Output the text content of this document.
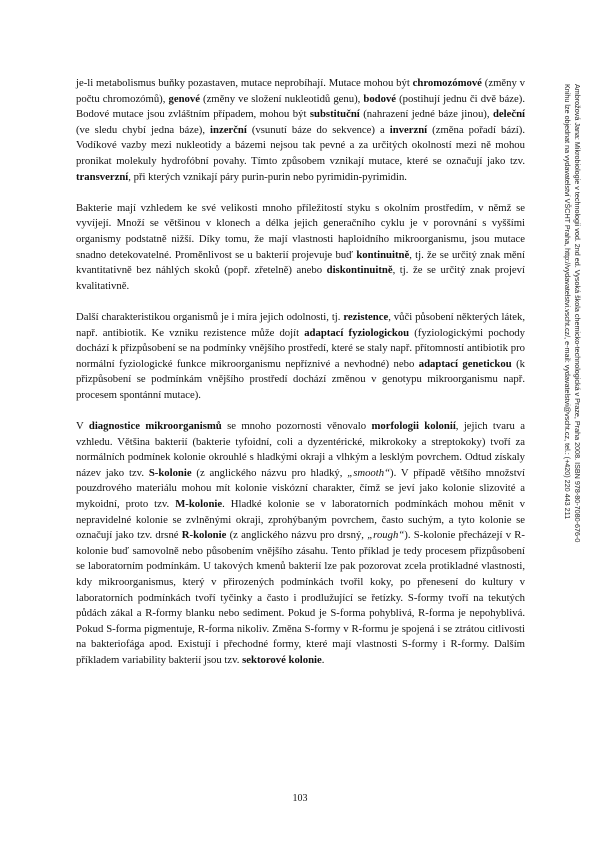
je-li metabolismus buňky pozastaven, mutace neprobíhají. Mutace mohou být chromozómové (změny v počtu chromozómů), genové (změny ve složení nukleotidů genu), bodové (postihují jednu či dvě báze). Bodové mutace jsou zvláštním případem, mohou být substituční (nahrazení jedné báze jinou), deleční (ve sledu chybí jedna báze), inzerční (vsunutí báze do sekvence) a inverzní (změna pořadí bází). Vodíkové vazby mezi nukleotidy a bázemi nejsou tak pevné a za určitých okolností mezi ně mohou pronikat molekuly hydrofóbní povahy. Tímto způsobem vznikají mutace, které se označují jako tzv. transverzní, při kterých vznikají páry purin-purin nebo pyrimidin-pyrimidin.

Bakterie mají vzhledem ke své velikosti mnoho příležitostí styku s okolním prostředím, v němž se vyvíjejí. Množí se většinou v klonech a délka jejich generačního cyklu je v porovnání s vyššími organismy podstatně nižší. Díky tomu, že mají vlastnosti haploidního mikroorganismu, jsou mutace snadno detekovatelné. Proměnlivost se u bakterií projevuje buď kontinuitně, tj. že se určitý znak mění kvantitativně bez náhlých skoků (popř. zřetelně) anebo diskontinuitně, tj. že se určitý znak projeví kvalitativně.

Další charakteristikou organismů je i míra jejich odolnosti, tj. rezistence, vůči působení některých látek, např. antibiotik. Ke vzniku rezistence může dojít adaptací fyziologickou (fyziologickými pochody dochází k přizpůsobení se na podmínky vnějšího prostředí, které se staly např. přítomností antibiotik pro normální fyziologické funkce mikroorganismu nepříznivé a nevhodné) nebo adaptací genetickou (k přizpůsobení se podmínkám vnějšího prostředí dochází změnou v genotypu mikroorganismu např. procesem spontánní mutace).

V diagnostice mikroorganismů se mnoho pozornosti věnovalo morfologii kolonií, jejich tvaru a vzhledu. Většina bakterií (bakterie tyfoidní, coli a dyzentérické, mikrokoky a streptokoky) tvoří za normálních podmínek kolonie okrouhlé s hladkými okraji a vlhkým a lesklým povrchem. Odtud získaly název jako tzv. S-kolonie (z anglického názvu pro hladký, „smooth“). V případě většího množství pouzdrového materiálu mohou mít kolonie viskózní charakter, čímž se jeví jako kolonie slizovité a mykoidní, proto tzv. M-kolonie. Hladké kolonie se v laboratorních podmínkách mohou měnit v nepravidelné kolonie se zvlněnými okraji, zprohýbaným povrchem, často suchým, a tyto kolonie se označují jako tzv. drsné R-kolonie (z anglického názvu pro drsný, „rough“). S-kolonie přecházejí v R-kolonie buď samovolně nebo působením vnějšího zásahu. Tento příklad je tedy procesem přizpůsobení se laboratorním podmínkám. U takových kmenů bakterií lze pak pozorovat zcela protikladné vlastnosti, kdy mikroorganismus, který v přirozených podmínkách tvořil koky, po přenesení do kultury v laboratorních podmínkách tvoří tyčinky a často i prodlužující se řetízky. S-formy tvoří na tekutých půdách zákal a R-formy blanku nebo sediment. Pokud je S-forma pohyblivá, R-forma je nepohyblivá. Pokud S-forma pigmentuje, R-forma nikoliv. Změna S-formy v R-formu je spojená i se ztrátou citlivosti na bakteriofága apod. Existují i přechodné formy, které mají vlastnosti S-formy i R-formy. Dalším příkladem variability bakterií jsou tzv. sektorové kolonie.

Ambrožová Jana: Mikrobiologie v technologii vod. 2nd ed. Vysoká škola chemicko-technologická v Praze, Praha 2008. ISBN 978-80-7080-676-0
Knihu lze objednat na vydavatelství VŠCHT Praha, http://vydavatelstvi.vscht.cz/, e-mail: vydavatelstvi@vscht.cz, tel.: (+420) 220 443 211
103
